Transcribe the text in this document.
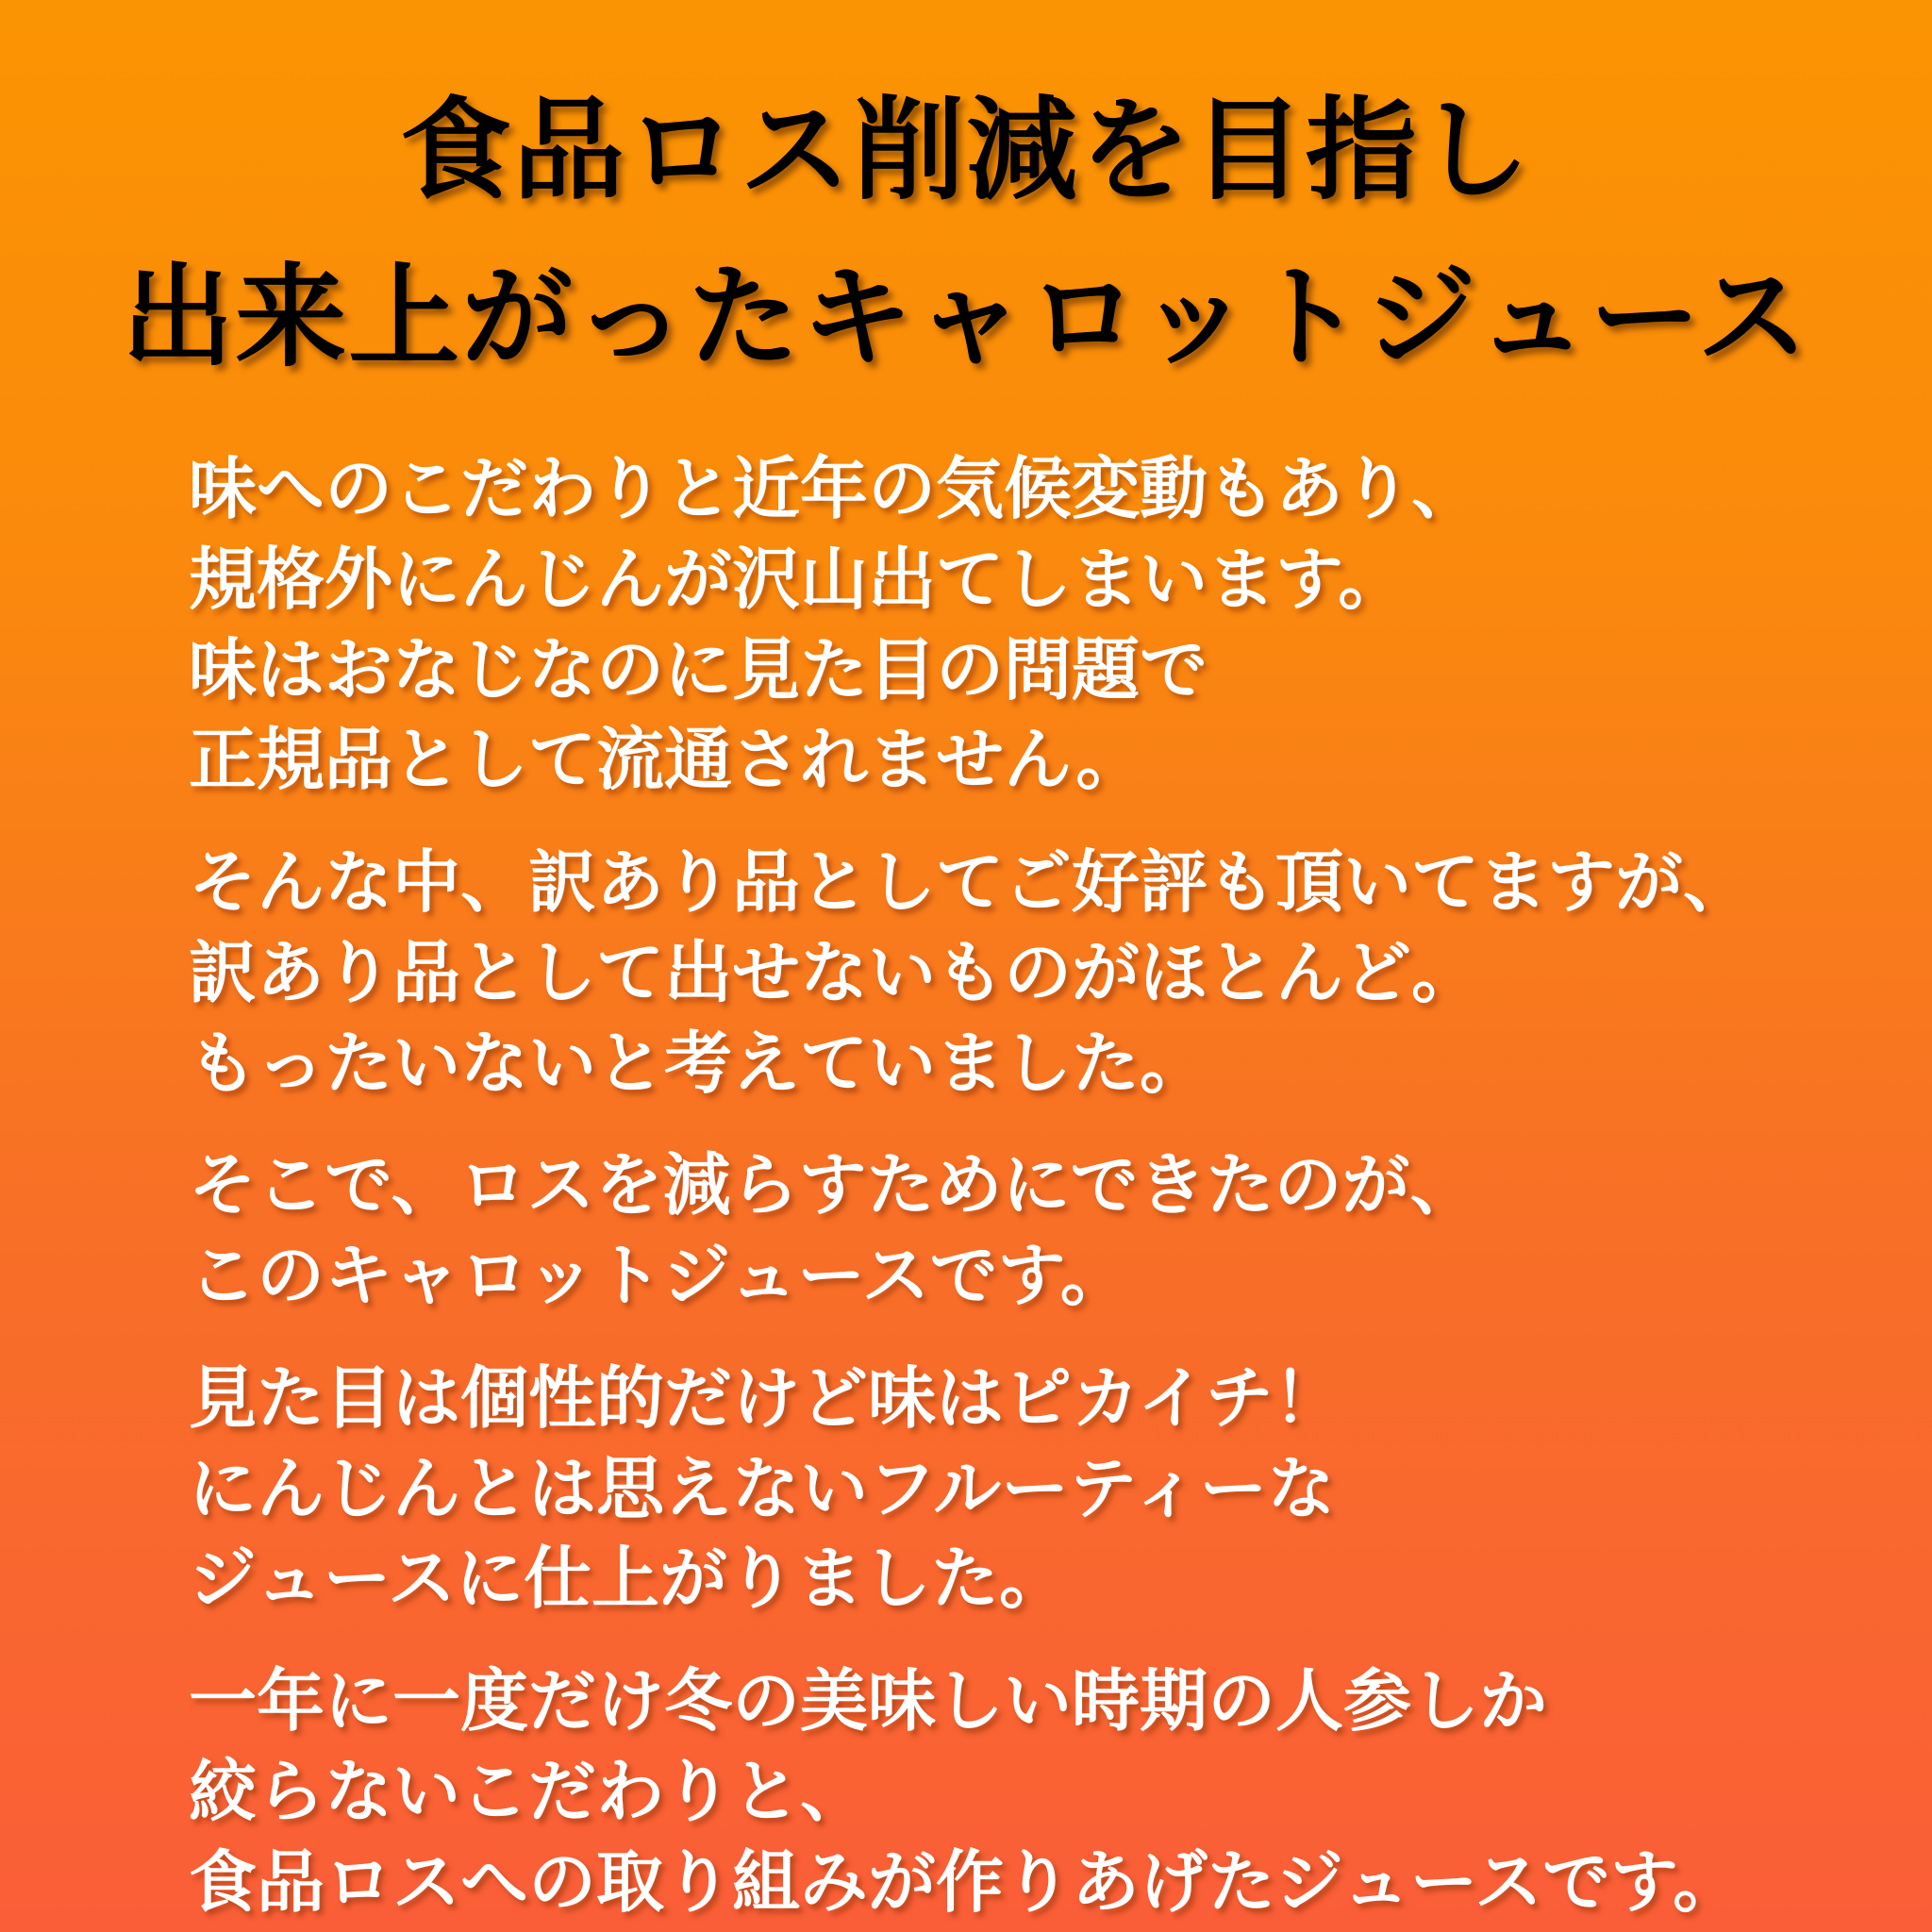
食品ロス削減を目指し
出来上がったキャロットジュース
味へのこだわりと近年の気候変動もあり、
規格外にんじんが沢山出てしまいます。
味はおなじなのに見た目の問題で
正規品として流通されません。
そんな中、訳あり品としてご好評も頂いてますが、
訳あり品として出せないものがほとんど。
もったいないと考えていました。
そこで、ロスを減らすためにできたのが、
このキャロットジュースです。
見た目は個性的だけど味はピカイチ！
にんじんとは思えないフルーティーな
ジュースに仕上がりました。
一年に一度だけ冬の美味しい時期の人参しか
絞らないこだわりと、
食品ロスへの取り組みが作りあげたジュースです。
